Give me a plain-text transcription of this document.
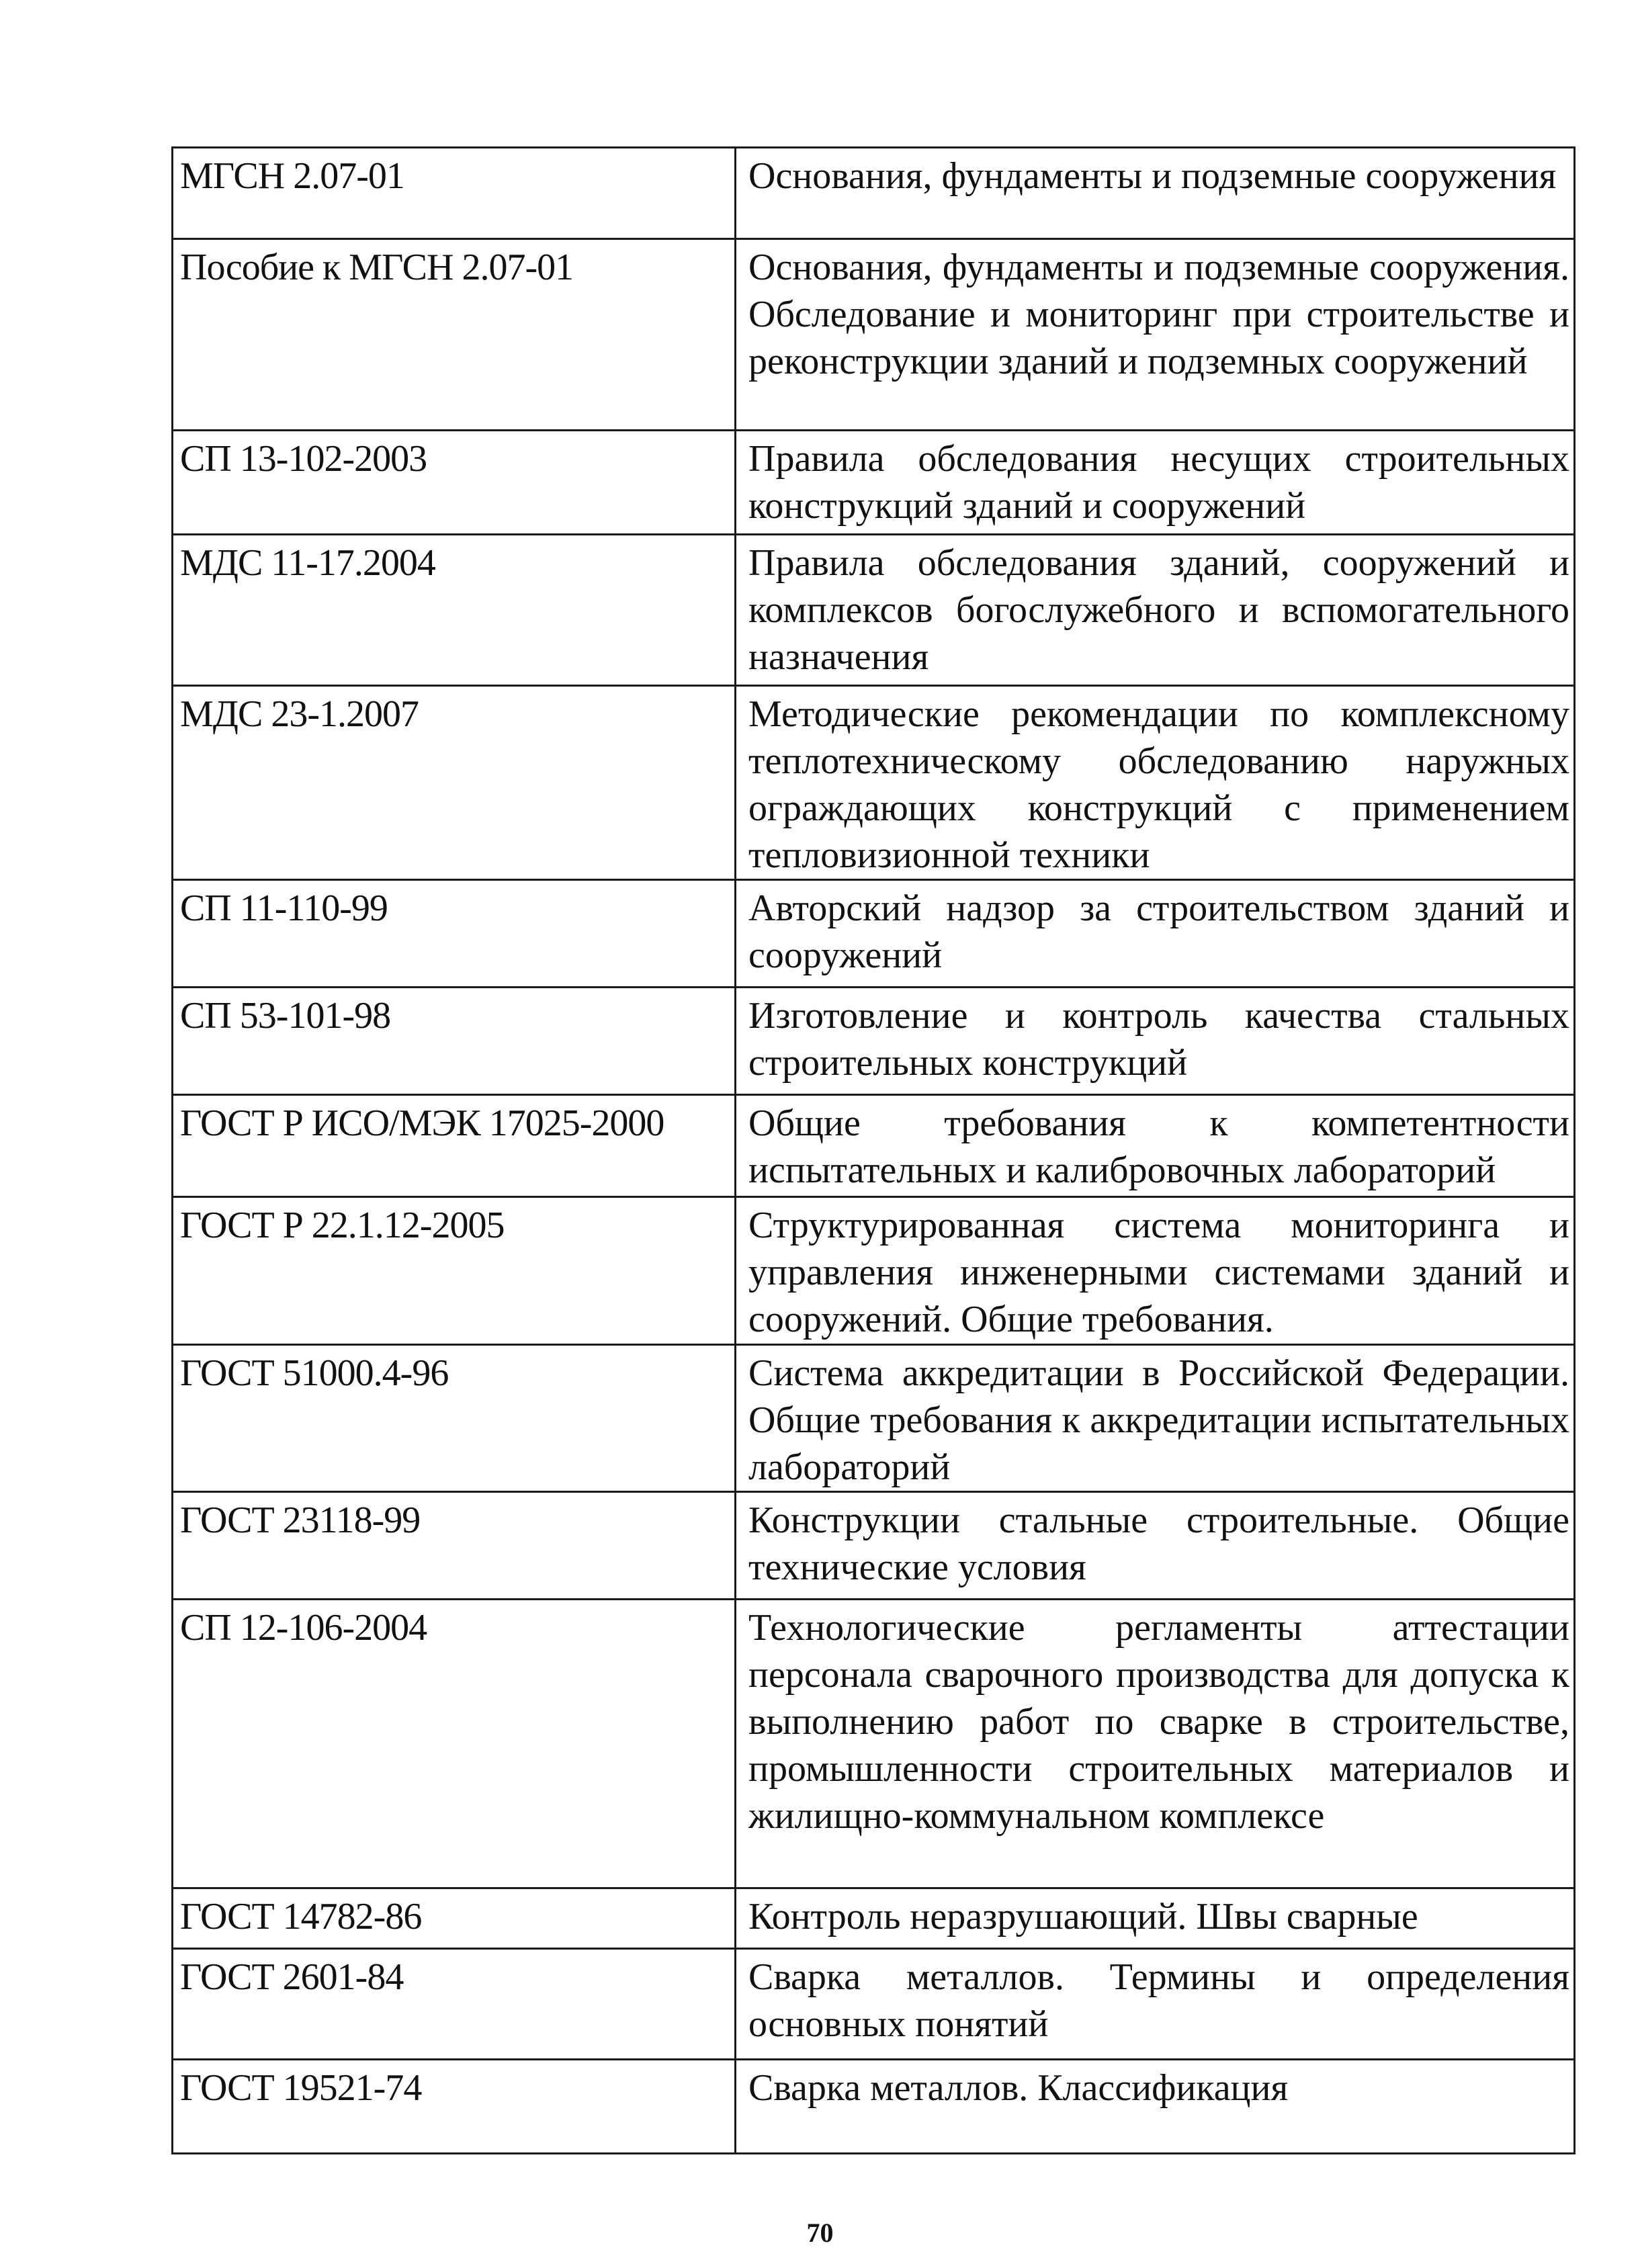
МГСН 2.07-01	Основания, фундаменты и подземные сооружения
Пособие к МГСН 2.07-01	Основания, фундаменты и подземные сооружения. Обследование и мониторинг при строительстве и реконструкции зданий и подземных сооружений
СП 13-102-2003	Правила обследования несущих строительных конструкций зданий и сооружений
МДС 11-17.2004	Правила обследования зданий, сооружений и комплексов богослужебного и вспомогательного назначения
МДС 23-1.2007	Методические рекомендации по комплексному теплотехническому обследованию наружных ограждающих конструкций с применением тепловизионной техники
СП 11-110-99	Авторский надзор за строительством зданий и сооружений
СП 53-101-98	Изготовление и контроль качества стальных строительных конструкций
ГОСТ Р ИСО/МЭК 17025-2000	Общие требования к компетентности испытательных и калибровочных лабораторий
ГОСТ Р 22.1.12-2005	Структурированная система мониторинга и управления инженерными системами зданий и сооружений. Общие требования.
ГОСТ 51000.4-96	Система аккредитации в Российской Федерации. Общие требования к аккредитации испытательных лабораторий
ГОСТ 23118-99	Конструкции стальные строительные. Общие технические условия
СП 12-106-2004	Технологические регламенты аттестации персонала сварочного производства для допуска к выполнению работ по сварке в строительстве, промышленности строительных материалов и жилищно-коммунальном комплексе
ГОСТ 14782-86	Контроль неразрушающий. Швы сварные
ГОСТ 2601-84	Сварка металлов. Термины и определения основных понятий
ГОСТ 19521-74	Сварка металлов. Классификация
70
